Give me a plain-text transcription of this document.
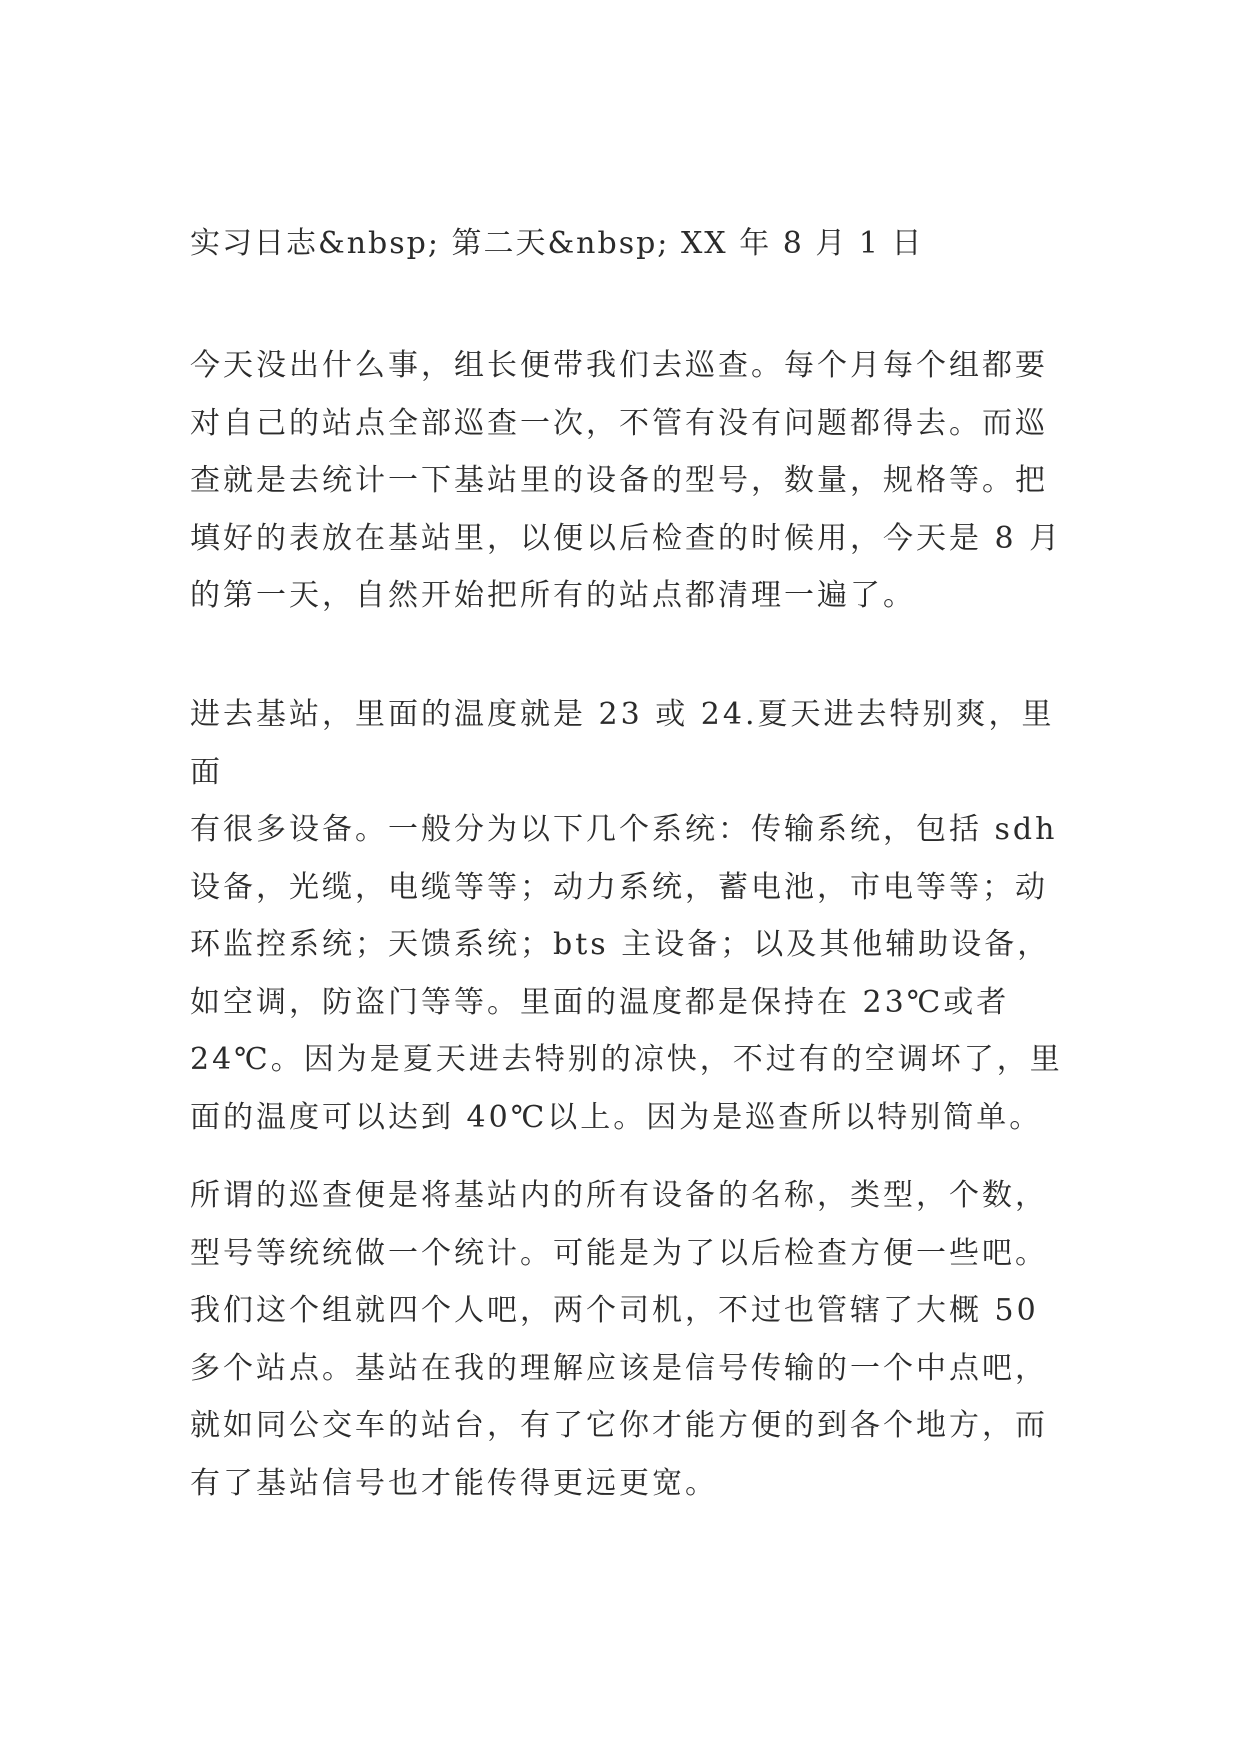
实习日志&nbsp; 第二天&nbsp; XX 年 8 月 1 日

今天没出什么事，组长便带我们去巡查。每个月每个组都要
对自己的站点全部巡查一次，不管有没有问题都得去。而巡
查就是去统计一下基站里的设备的型号，数量，规格等。把
填好的表放在基站里，以便以后检查的时候用，今天是 8 月
的第一天，自然开始把所有的站点都清理一遍了。

进去基站，里面的温度就是 23 或 24.夏天进去特别爽，里面
有很多设备。一般分为以下几个系统：传输系统，包括 sdh
设备，光缆，电缆等等；动力系统，蓄电池，市电等等；动
环监控系统；天馈系统；bts 主设备；以及其他辅助设备，
如空调，防盗门等等。里面的温度都是保持在 23℃或者
24℃。因为是夏天进去特别的凉快，不过有的空调坏了，里
面的温度可以达到 40℃以上。因为是巡查所以特别简单。

所谓的巡查便是将基站内的所有设备的名称，类型，个数，
型号等统统做一个统计。可能是为了以后检查方便一些吧。
我们这个组就四个人吧，两个司机，不过也管辖了大概 50
多个站点。基站在我的理解应该是信号传输的一个中点吧，
就如同公交车的站台，有了它你才能方便的到各个地方，而
有了基站信号也才能传得更远更宽。
